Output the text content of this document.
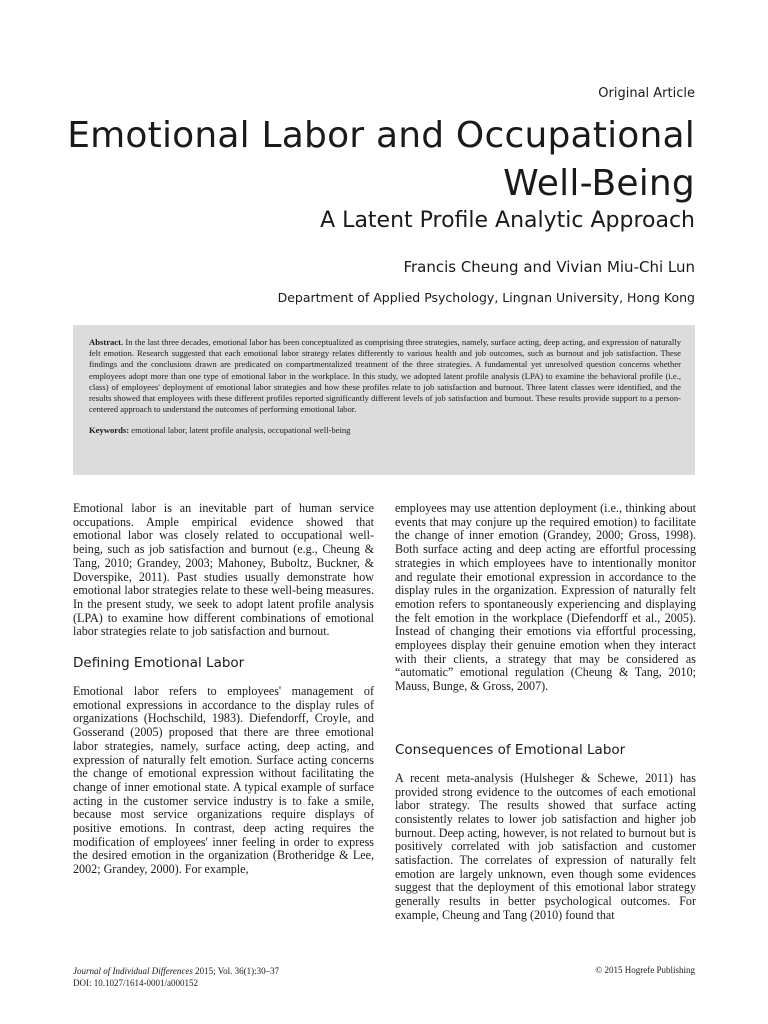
Original Article
Emotional Labor and Occupational Well-Being
A Latent Profile Analytic Approach
Francis Cheung and Vivian Miu-Chi Lun
Department of Applied Psychology, Lingnan University, Hong Kong

Abstract. In the last three decades, emotional labor has been conceptualized as comprising three strategies, namely, surface acting, deep acting, and expression of naturally felt emotion. Research suggested that each emotional labor strategy relates differently to various health and job outcomes, such as burnout and job satisfaction. These findings and the conclusions drawn are predicated on compartmentalized treatment of the three strategies. A fundamental yet unresolved question concerns whether employees adopt more than one type of emotional labor in the workplace. In this study, we adopted latent profile analysis (LPA) to examine the behavioral profile (i.e., class) of employees' deployment of emotional labor strategies and how these profiles relate to job satisfaction and burnout. Three latent classes were identified, and the results showed that employees with these different profiles reported significantly different levels of job satisfaction and burnout. These results provide support to a person-centered approach to understand the outcomes of performing emotional labor.

Keywords: emotional labor, latent profile analysis, occupational well-being

Emotional labor is an inevitable part of human service occupations. Ample empirical evidence showed that emotional labor was closely related to occupational well-being, such as job satisfaction and burnout (e.g., Cheung & Tang, 2010; Grandey, 2003; Mahoney, Buboltz, Buckner, & Doverspike, 2011). Past studies usually demonstrate how emotional labor strategies relate to these well-being measures. In the present study, we seek to adopt latent profile analysis (LPA) to examine how different combinations of emotional labor strategies relate to job satisfaction and burnout.

Defining Emotional Labor

Emotional labor refers to employees' management of emotional expressions in accordance to the display rules of organizations (Hochschild, 1983). Diefendorff, Croyle, and Gosserand (2005) proposed that there are three emotional labor strategies, namely, surface acting, deep acting, and expression of naturally felt emotion. Surface acting concerns the change of emotional expression without facilitating the change of inner emotional state. A typical example of surface acting in the customer service industry is to fake a smile, because most service organizations require displays of positive emotions. In contrast, deep acting requires the modification of employees' inner feeling in order to express the desired emotion in the organization (Brotheridge & Lee, 2002; Grandey, 2000). For example,

employees may use attention deployment (i.e., thinking about events that may conjure up the required emotion) to facilitate the change of inner emotion (Grandey, 2000; Gross, 1998). Both surface acting and deep acting are effortful processing strategies in which employees have to intentionally monitor and regulate their emotional expression in accordance to the display rules in the organization. Expression of naturally felt emotion refers to spontaneously experiencing and displaying the felt emotion in the workplace (Diefendorff et al., 2005). Instead of changing their emotions via effortful processing, employees display their genuine emotion when they interact with their clients, a strategy that may be considered as “automatic” emotional regulation (Cheung & Tang, 2010; Mauss, Bunge, & Gross, 2007).

Consequences of Emotional Labor

A recent meta-analysis (Hulsheger & Schewe, 2011) has provided strong evidence to the outcomes of each emotional labor strategy. The results showed that surface acting consistently relates to lower job satisfaction and higher job burnout. Deep acting, however, is not related to burnout but is positively correlated with job satisfaction and customer satisfaction. The correlates of expression of naturally felt emotion are largely unknown, even though some evidences suggest that the deployment of this emotional labor strategy generally results in better psychological outcomes. For example, Cheung and Tang (2010) found that

Journal of Individual Differences 2015; Vol. 36(1):30–37
DOI: 10.1027/1614-0001/a000152
© 2015 Hogrefe Publishing
